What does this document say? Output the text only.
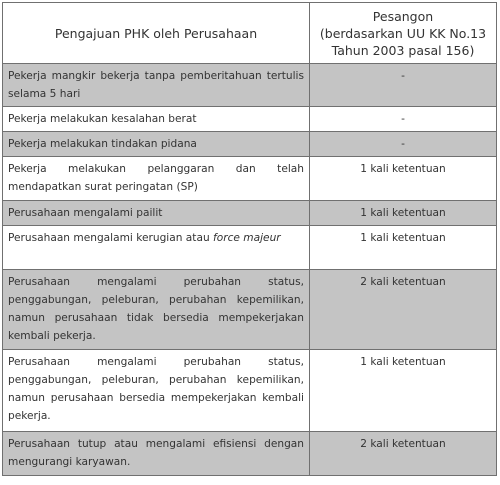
Pengajuan PHK oleh Perusahaan	Pesangon
(berdasarkan UU KK No.13
Tahun 2003 pasal 156)

Pekerja mangkir bekerja tanpa pemberitahuan tertulis selama 5 hari	-
Pekerja melakukan kesalahan berat	-
Pekerja melakukan tindakan pidana	-
Pekerja melakukan pelanggaran dan telah mendapatkan surat peringatan (SP)	1 kali ketentuan
Perusahaan mengalami pailit	1 kali ketentuan
Perusahaan mengalami kerugian atau force majeur	1 kali ketentuan
Perusahaan mengalami perubahan status, penggabungan, peleburan, perubahan kepemilikan, namun perusahaan tidak bersedia mempekerjakan kembali pekerja.	2 kali ketentuan
Perusahaan mengalami perubahan status, penggabungan, peleburan, perubahan kepemilikan, namun perusahaan bersedia mempekerjakan kembali pekerja.	1 kali ketentuan
Perusahaan tutup atau mengalami efisiensi dengan mengurangi karyawan.	2 kali ketentuan
